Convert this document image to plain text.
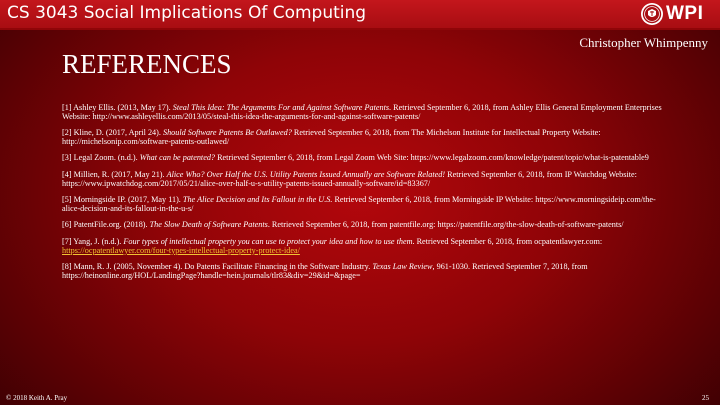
CS 3043 Social Implications Of Computing	WPI
Christopher Whimpenny
REFERENCES

[1] Ashley Ellis. (2013, May 17). Steal This Idea: The Arguments For and Against Software Patents. Retrieved September 6, 2018, from Ashley Ellis General Employment Enterprises Website: http://www.ashleyellis.com/2013/05/steal-this-idea-the-arguments-for-and-against-software-patents/

[2] Kline, D. (2017, April 24). Should Software Patents Be Outlawed? Retrieved September 6, 2018, from The Michelson Institute for Intellectual Property Website: http://michelsonip.com/software-patents-outlawed/

[3] Legal Zoom. (n.d.). What can be patented? Retrieved September 6, 2018, from Legal Zoom Web Site: https://www.legalzoom.com/knowledge/patent/topic/what-is-patentable9

[4] Millien, R. (2017, May 21). Alice Who? Over Half the U.S. Utility Patents Issued Annually are Software Related! Retrieved September 6, 2018, from IP Watchdog Website: https://www.ipwatchdog.com/2017/05/21/alice-over-half-u-s-utility-patents-issued-annually-software/id=83367/

[5] Morningside IP. (2017, May 11). The Alice Decision and Its Fallout in the U.S. Retrieved September 6, 2018, from Morningside IP Website: https://www.morningsideip.com/the-alice-decision-and-its-fallout-in-the-u-s/

[6] PatentFile.org. (2018). The Slow Death of Software Patents. Retrieved September 6, 2018, from patentfile.org: https://patentfile.org/the-slow-death-of-software-patents/

[7] Yang, J. (n.d.). Four types of intellectual property you can use to protect your idea and how to use them. Retrieved September 6, 2018, from ocpatentlawyer.com: https://ocpatentlawyer.com/four-types-intellectual-property-protect-idea/

[8] Mann, R. J. (2005, November 4). Do Patents Facilitate Financing in the Software Industry. Texas Law Review, 961-1030. Retrieved September 7, 2018, from https://heinonline.org/HOL/LandingPage?handle=hein.journals/tlr83&div=29&id=&page=

© 2018 Keith A. Pray	25
